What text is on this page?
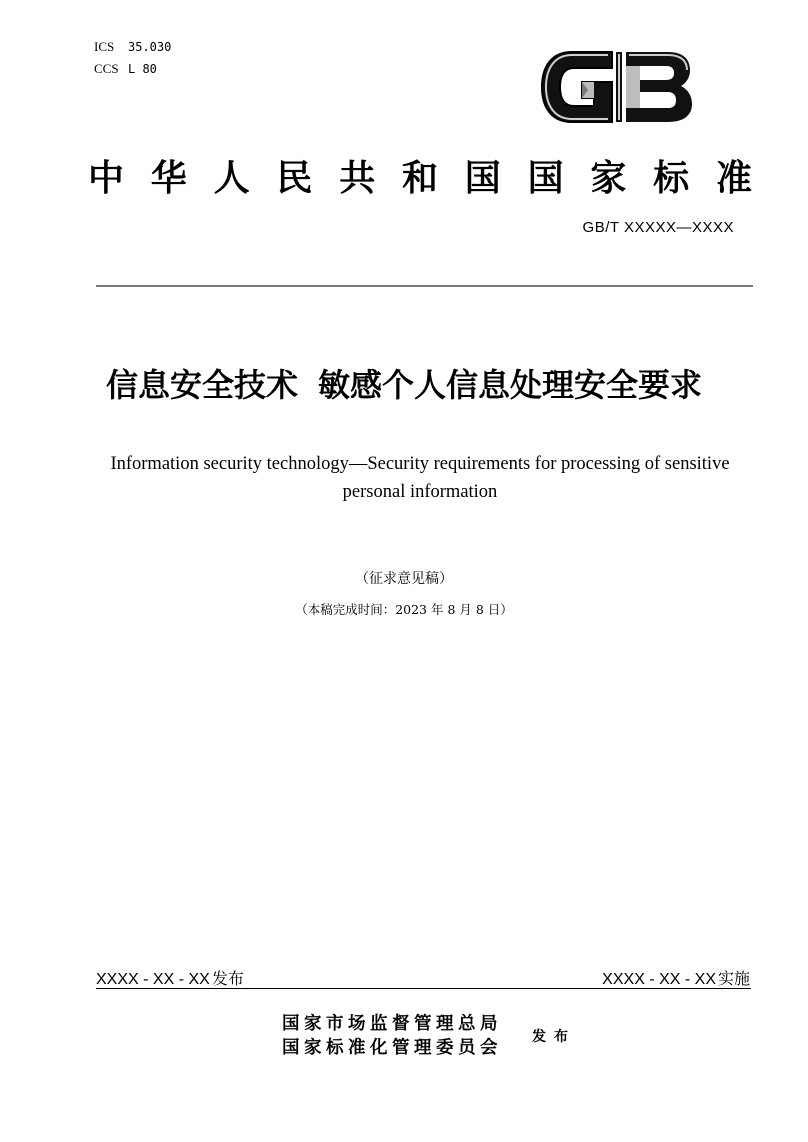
ICS 35.030
CCS L 80
中 华 人 民 共 和 国 国 家 标 准
GB/T XXXXX—XXXX
信息安全技术 敏感个人信息处理安全要求
Information security technology—Security requirements for processing of sensitive personal information
（征求意见稿）
（本稿完成时间：2023 年 8 月 8 日）
XXXX - XX - XX 发布	XXXX - XX - XX 实施
国家市场监督管理总局
国家标准化管理委员会
发布
